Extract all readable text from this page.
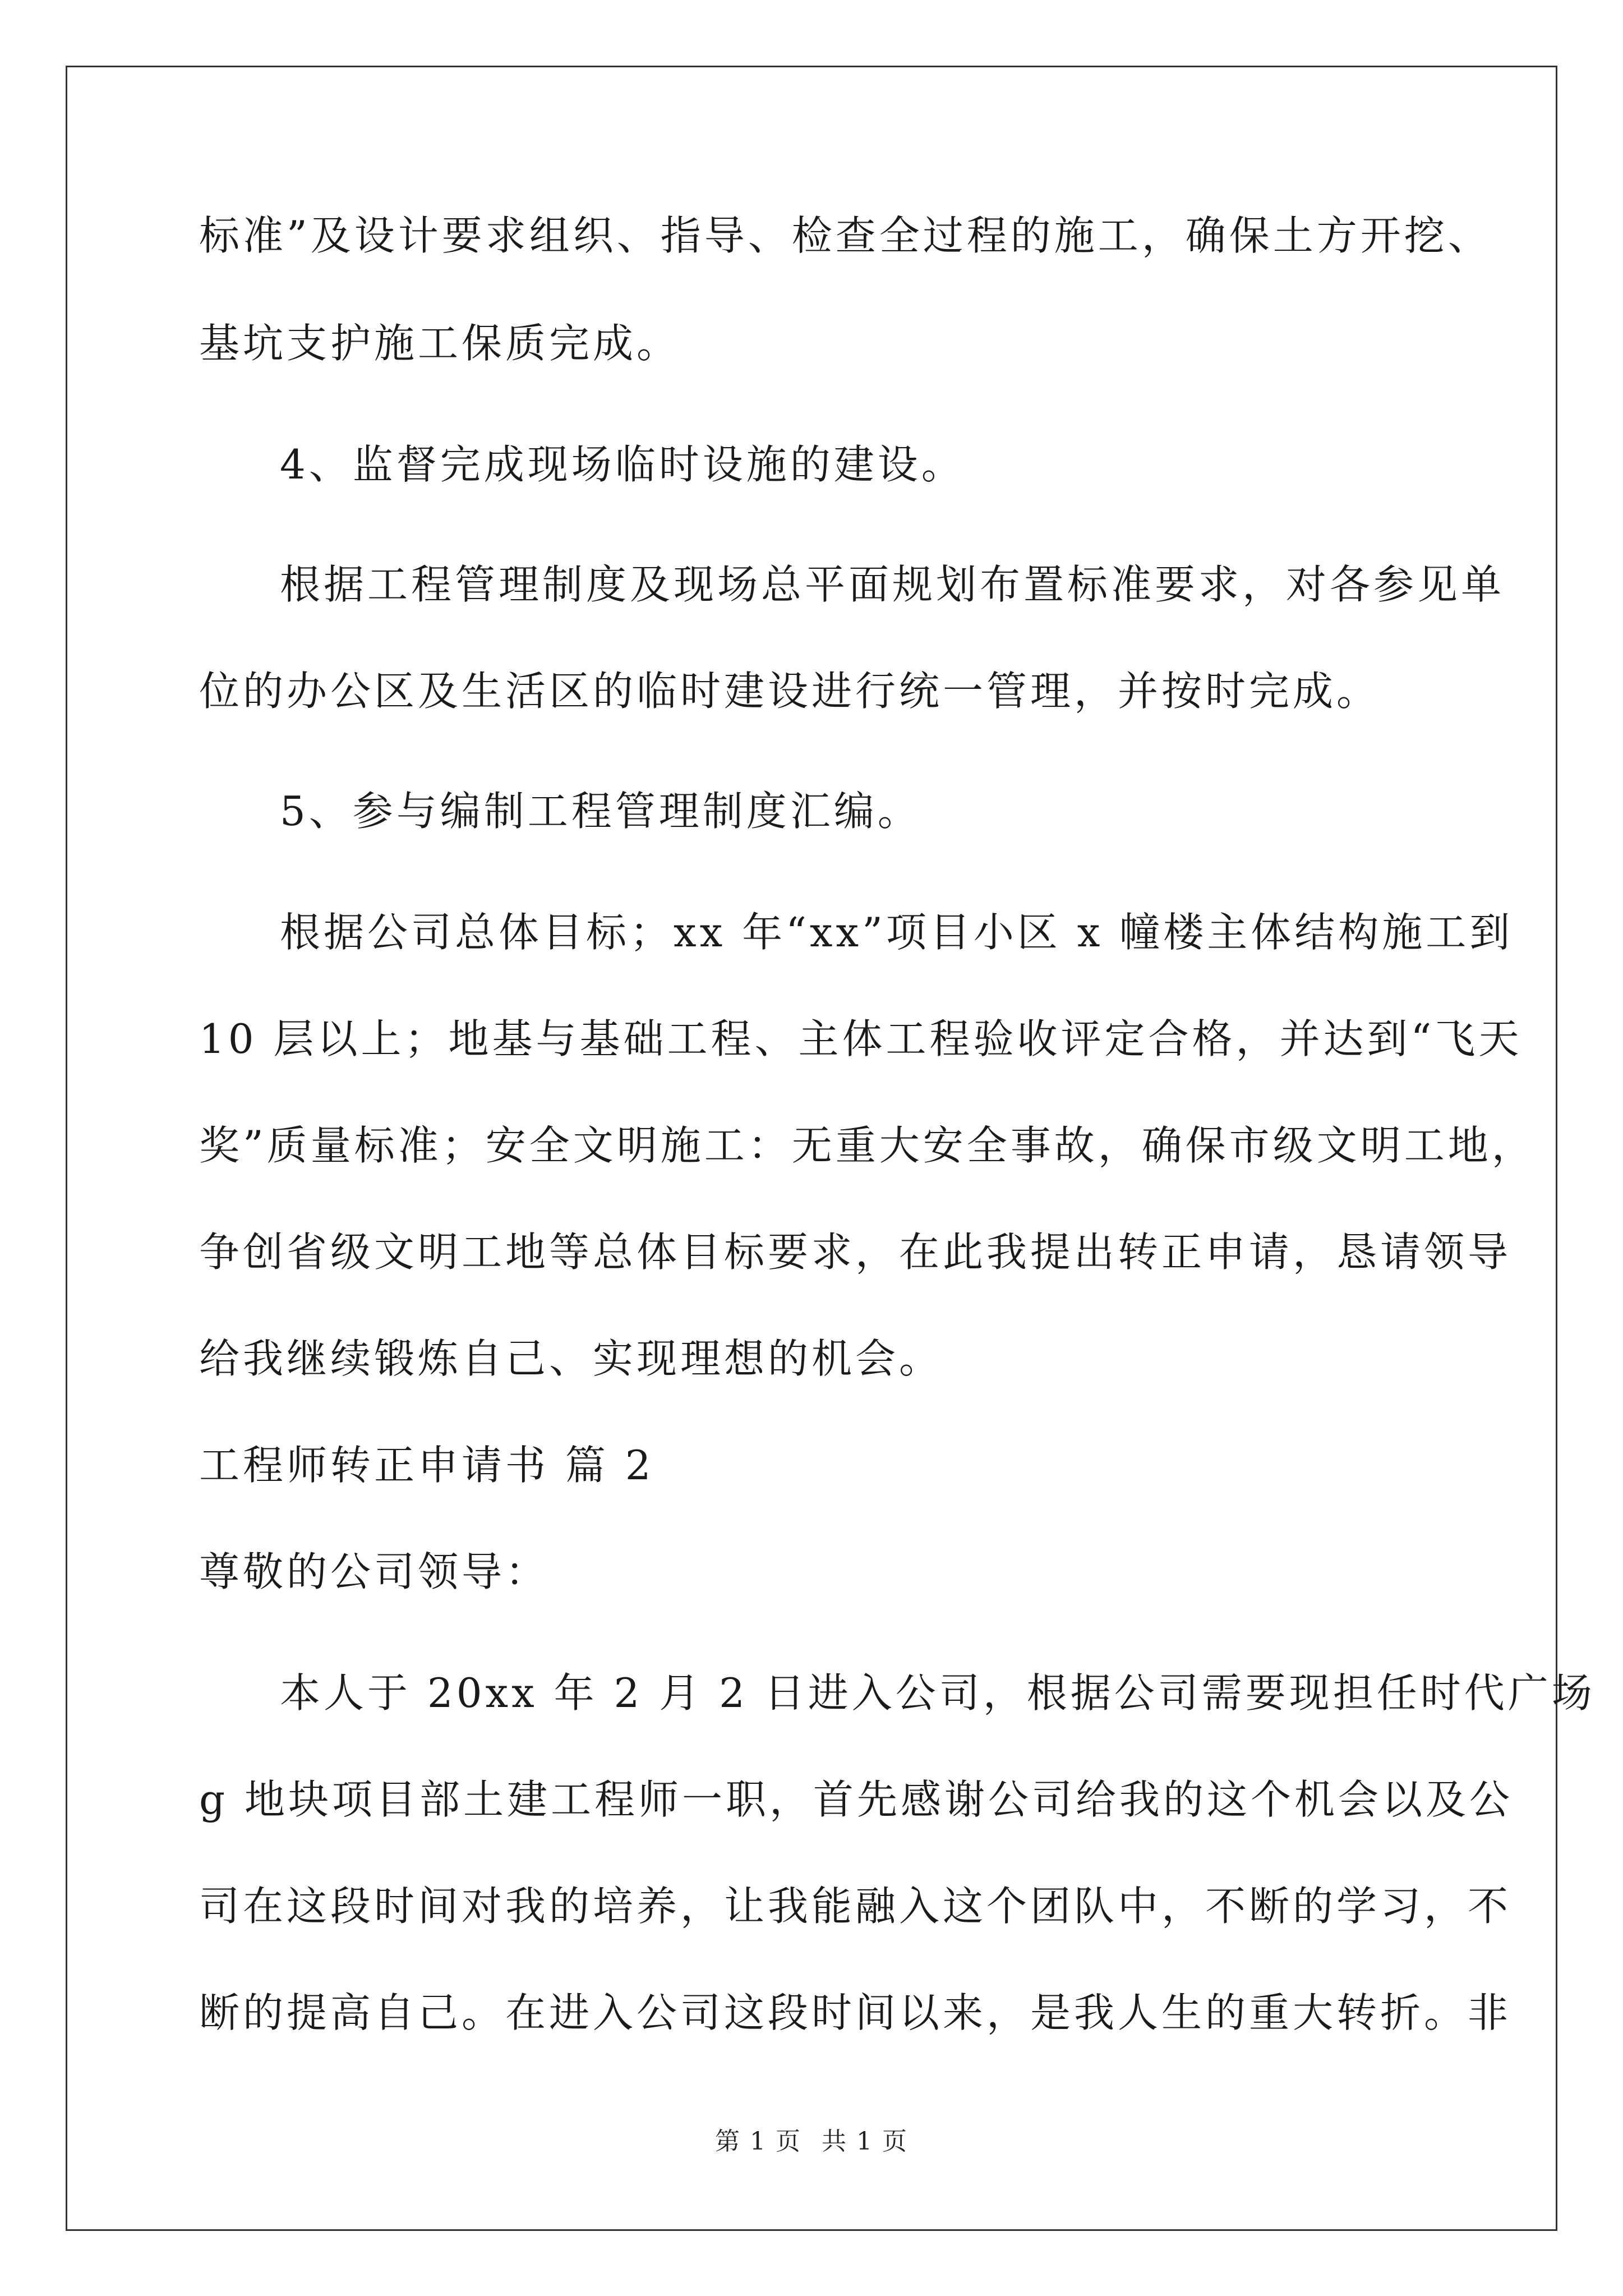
标准”及设计要求组织、指导、检查全过程的施工，确保土方开挖、
基坑支护施工保质完成。
4、监督完成现场临时设施的建设。
根据工程管理制度及现场总平面规划布置标准要求，对各参见单
位的办公区及生活区的临时建设进行统一管理，并按时完成。
5、参与编制工程管理制度汇编。
根据公司总体目标；xx 年“xx”项目小区 x 幢楼主体结构施工到
10 层以上；地基与基础工程、主体工程验收评定合格，并达到“飞天
奖”质量标准；安全文明施工：无重大安全事故，确保市级文明工地，
争创省级文明工地等总体目标要求，在此我提出转正申请，恳请领导
给我继续锻炼自己、实现理想的机会。
工程师转正申请书 篇 2
尊敬的公司领导：
本人于 20xx 年 2 月 2 日进入公司，根据公司需要现担任时代广场
g 地块项目部土建工程师一职，首先感谢公司给我的这个机会以及公
司在这段时间对我的培养，让我能融入这个团队中，不断的学习，不
断的提高自己。在进入公司这段时间以来，是我人生的重大转折。非
第 1 页 共 1 页
